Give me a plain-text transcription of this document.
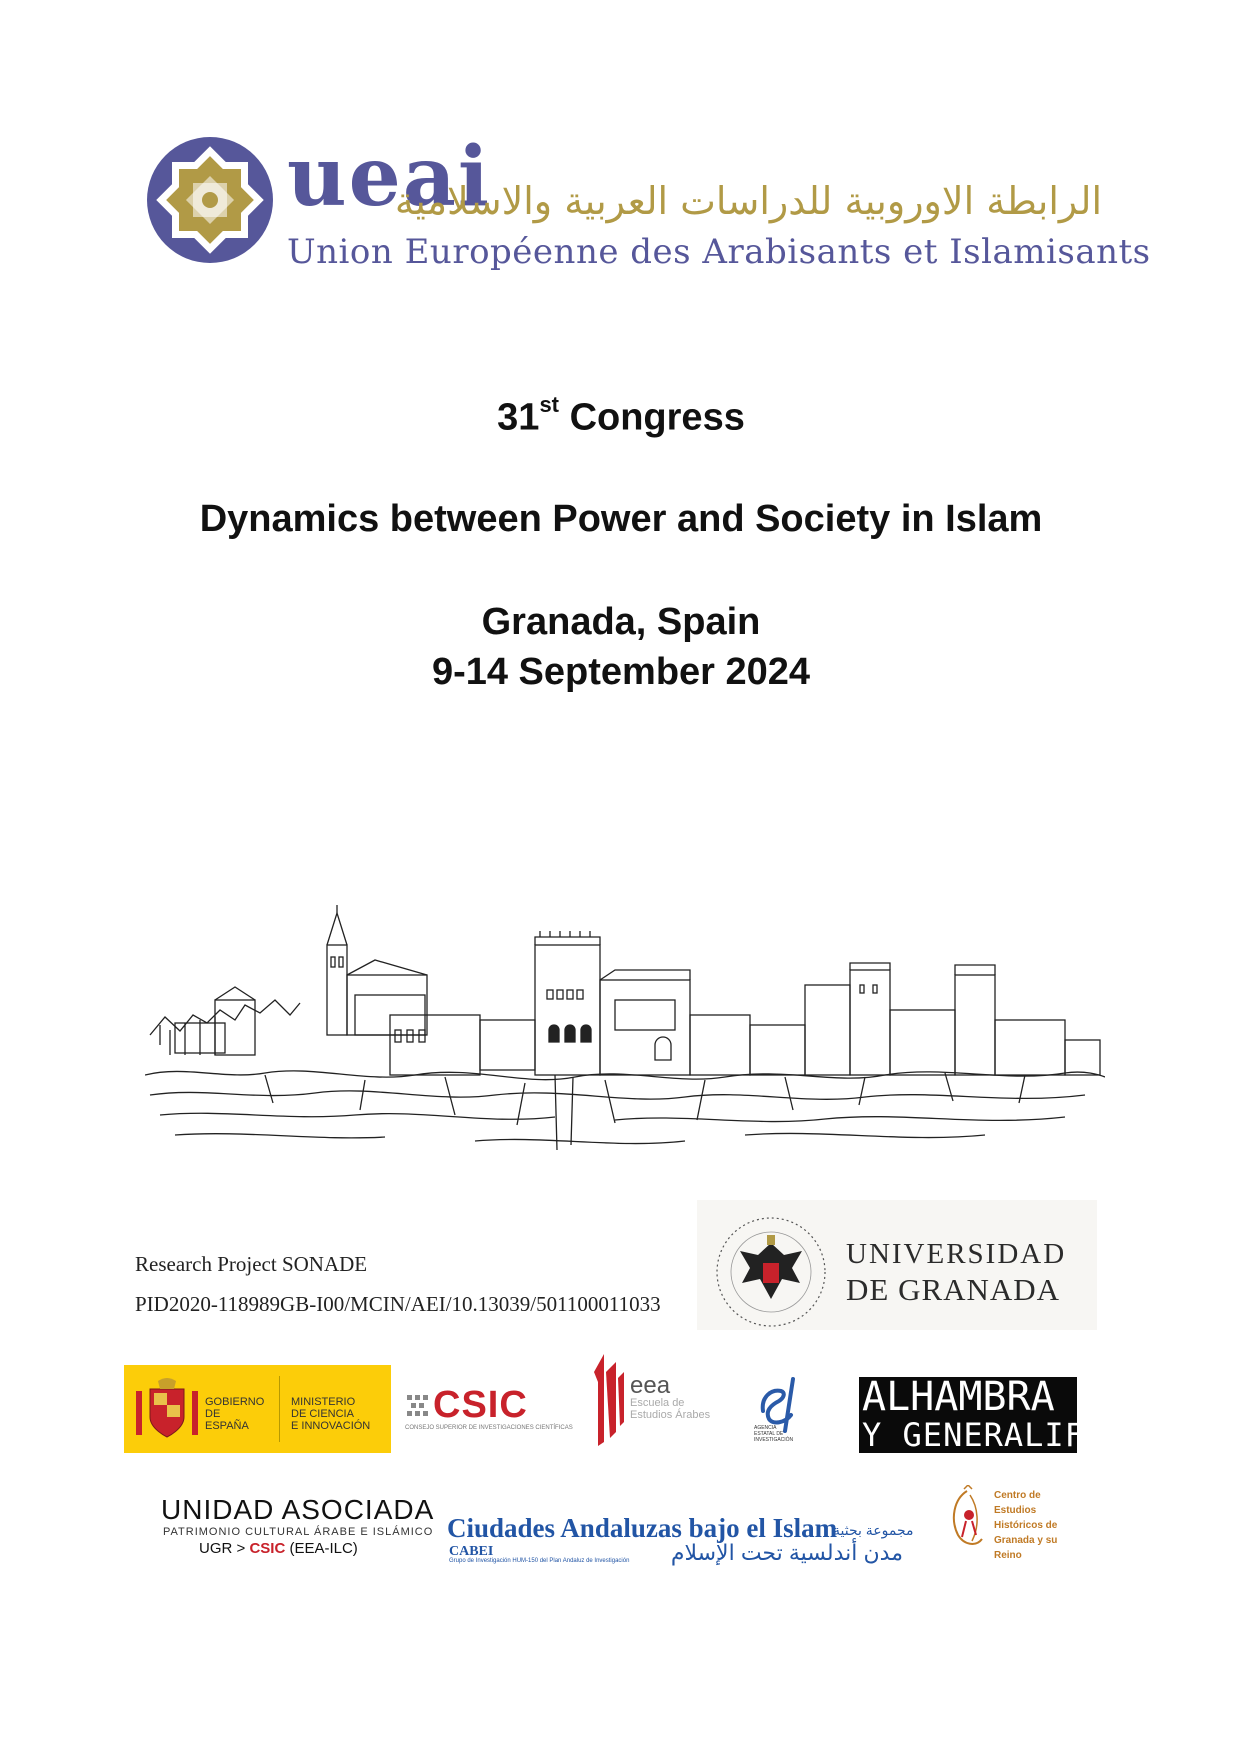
ueai
الرابطة الاوروبية للدراسات العربية والاسلامية
Union Européenne des Arabisants et Islamisants
31st Congress
Dynamics between Power and Society in Islam
Granada, Spain
9-14 September 2024
Research Project SONADE
PID2020-118989GB-I00/MCIN/AEI/10.13039/501100011033
UNIVERSIDAD
DE GRANADA
GOBIERNO
DE ESPAÑA
MINISTERIO
DE CIENCIA
E INNOVACIÓN CSIC
CONSEJO SUPERIOR DE INVESTIGACIONES CIENTÍFICAS
eea
Escuela de
Estudios Árabes
AGENCIA
ESTATAL DE
INVESTIGACIÓN
ALHAMBRA
Y GENERALIFE
UNIDAD ASOCIADA
PATRIMONIO CULTURAL ÁRABE E ISLÁMICO
UGR > CSIC (EEA-ILC)
Ciudades Andaluzas bajo el Islam
مجموعة بحثية
CABEI
Grupo de Investigación HUM-150 del Plan Andaluz de Investigación مدن أندلسية تحت الإسلام
Centro de
Estudios
Históricos de
Granada y su
Reino
